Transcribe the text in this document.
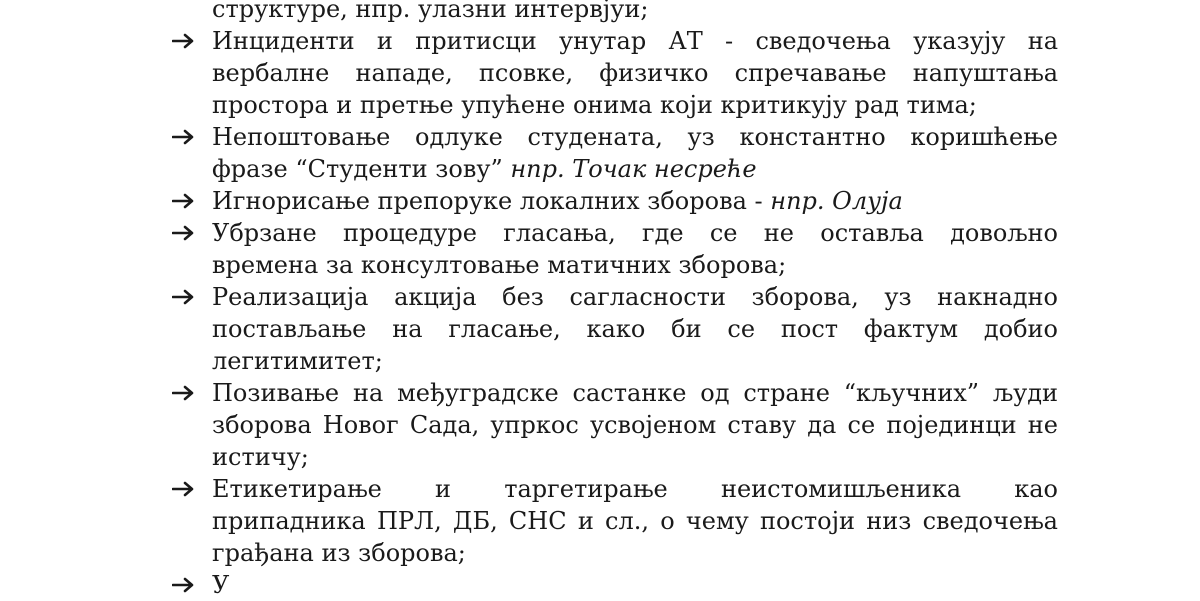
структуре, нпр. улазни интервјуи;
Инциденти и притисци унутар АТ - сведочења указују на
вербалне нападе, псовке, физичко спречавање напуштања
простора и претње упућене онима који критикују рад тима;
Непоштовање одлуке студената, уз константно коришћење
фразе “Студенти зову” нпр. Точак несреће
Игнорисање препоруке локалних зборова - нпр. Олуја
Убрзане процедуре гласања, где се не оставља довољно
времена за консултовање матичних зборова;
Реализација акција без сагласности зборова, уз накнадно
постављање на гласање, како би се пост фактум добио
легитимитет;
Позивање на међуградске састанке од стране “кључних” људи
зборова Новог Сада, упркос усвојеном ставу да се појединци не
истичу;
Етикетирање и таргетирање неистомишљеника као
припадника ПРЛ, ДБ, СНС и сл., о чему постоји низ сведочења
грађана из зборова;
У
